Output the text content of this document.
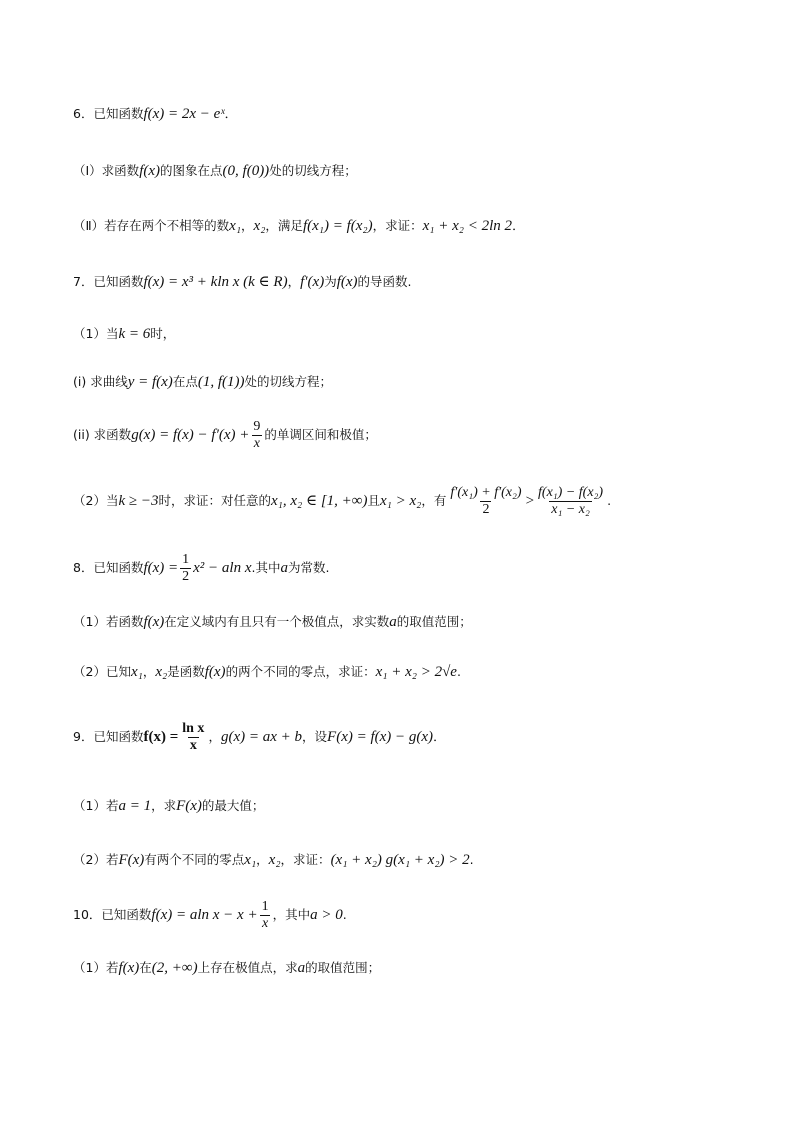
6．已知函数 f(x) = 2x − eˣ ．
（Ⅰ）求函数 f(x) 的图象在点 (0, f(0)) 处的切线方程；
（Ⅱ）若存在两个不相等的数 x₁ ， x₂ ，满足 f(x₁) = f(x₂) ，求证： x₁ + x₂ < 2ln 2 ．
7．已知函数 f(x) = x³ + kln x (k ∈ R) ， f′(x) 为 f(x) 的导函数.
（1）当 k = 6 时，
(i) 求曲线 y = f(x) 在点 (1, f(1)) 处的切线方程；
(ii) 求函数 $g(x) = f(x) - f'(x) + \frac{9}{x}$ 的单调区间和极值；
（2）当 k ≥ −3 时，求证：对任意的 x₁, x₂ ∈ [1, +∞) 且 x₁ > x₂ ，有 $\frac{\text{f′(x₁) + f′(x₂)}}{2} > \frac{\text{f(x₁) − f(x₂)}}{\text{x₁ − x₂}}$ .
8．已知函数 $f(x) = \frac{1}{2} x^2 - aln$ x .其中 a 为常数.
（1）若函数 f(x) 在定义域内有且只有一个极值点，求实数 a 的取值范围；
（2）已知 x₁ ， x₂ 是函数 f(x) 的两个不同的零点，求证： x₁ + x₂ > 2√e .
9．已知函数 $f(x) = \frac{\text{ln x}}{x}$ ， g(x) = ax + b ，设 F(x) = f(x) − g(x) ．
（1）若 a = 1 ，求 F(x) 的最大值；
（2）若 F(x) 有两个不同的零点 x₁ ， x₂ ，求证： (x₁ + x₂) g(x₁ + x₂) > 2 .
10．已知函数 f(x) = aln $x - x + \frac{1}{x}$ ，其中 a > 0 .
（1）若 f(x) 在 (2, +∞) 上存在极值点，求 a 的取值范围；
